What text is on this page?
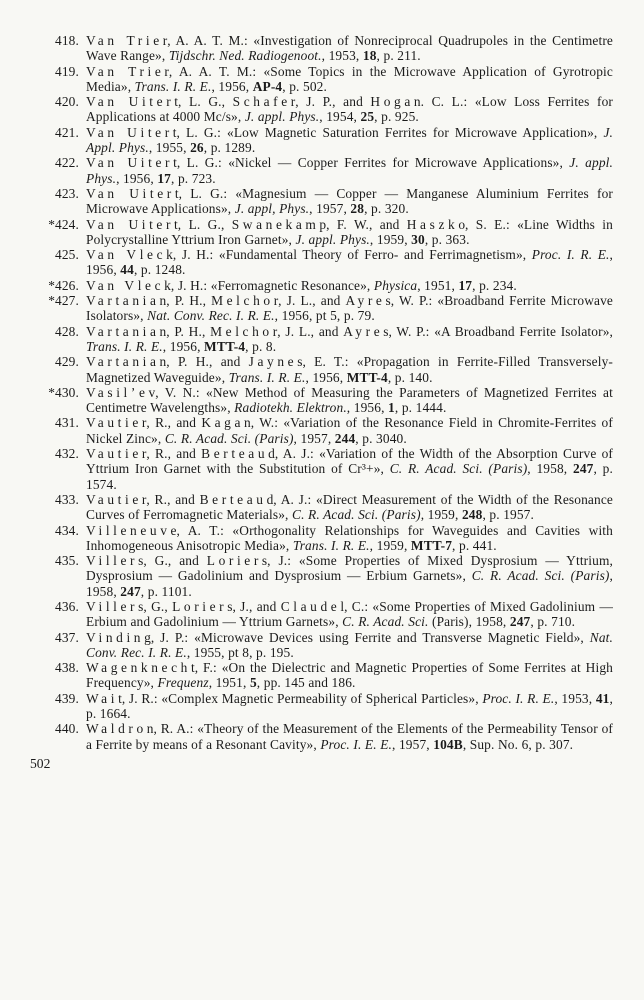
418. Van Trier, A. A. T. M.: «Investigation of Nonreciprocal Quadrupoles in the Centimetre Wave Range», Tijdschr. Ned. Radiogenoot., 1953, 18, p. 211.
419. Van Trier, A. A. T. M.: «Some Topics in the Microwave Application of Gyrotropic Media», Trans. I. R. E., 1956, AP-4, p. 502.
420. Van Uitert, L. G., Schafer, J. P., and Hogan. C. L.: «Low Loss Ferrites for Applications at 4000 Mc/s», J. appl. Phys., 1954, 25, p. 925.
421. Van Uitert, L. G.: «Low Magnetic Saturation Ferrites for Microwave Application», J. Appl. Phys., 1955, 26, p. 1289.
422. Van Uitert, L. G.: «Nickel — Copper Ferrites for Microwave Applications», J. appl. Phys., 1956, 17, p. 723.
423. Van Uitert, L. G.: «Magnesium — Copper — Manganese Aluminium Ferrites for Microwave Applications», J. appl, Phys., 1957, 28, p. 320.
*424. Van Uitert, L. G., Swanekamp, F. W., and Haszko, S. E.: «Line Widths in Polycrystalline Yttrium Iron Garnet», J. appl. Phys., 1959, 30, p. 363.
425. Van Vleck, J. H.: «Fundamental Theory of Ferro- and Ferrimagnetism», Proc. I. R. E., 1956, 44, p. 1248.
*426. Van Vleck, J. H.: «Ferromagnetic Resonance», Physica, 1951, 17, p. 234.
*427. Vartanian, P. H., Melchor, J. L., and Ayres, W. P.: «Broadband Ferrite Microwave Isolators», Nat. Conv. Rec. I. R. E., 1956, pt 5, p. 79.
428. Vartanian, P. H., Melchor, J. L., and Ayres, W. P.: «A Broadband Ferrite Isolator», Trans. I. R. E., 1956, MTT-4, p. 8.
429. Vartanian, P. H., and Jaynes, E. T.: «Propagation in Ferrite-Filled Transversely-Magnetized Waveguide», Trans. I. R. E., 1956, MTT-4, p. 140.
*430. Vasil’ev, V. N.: «New Method of Measuring the Parameters of Magnetized Ferrites at Centimetre Wavelengths», Radiotekh. Elektron., 1956, 1, p. 1444.
431. Vautier, R., and Kagan, W.: «Variation of the Resonance Field in Chromite-Ferrites of Nickel Zinc», C. R. Acad. Sci. (Paris), 1957, 244, p. 3040.
432. Vautier, R., and Berteaud, A. J.: «Variation of the Width of the Absorption Curve of Yttrium Iron Garnet with the Substitution of Cr³+», C. R. Acad. Sci. (Paris), 1958, 247, p. 1574.
433. Vautier, R., and Berteaud, A. J.: «Direct Measurement of the Width of the Resonance Curves of Ferromagnetic Materials», C. R. Acad. Sci. (Paris), 1959, 248, p. 1957.
434. Villeneuve, A. T.: «Orthogonality Relationships for Waveguides and Cavities with Inhomogeneous Anisotropic Media», Trans. I. R. E., 1959, MTT-7, p. 441.
435. Villers, G., and Loriers, J.: «Some Properties of Mixed Dysprosium — Yttrium, Dysprosium — Gadolinium and Dysprosium — Erbium Garnets», C. R. Acad. Sci. (Paris), 1958, 247, p. 1101.
436. Villers, G., Loriers, J., and Claudel, C.: «Some Properties of Mixed Gadolinium — Erbium and Gadolinium — Yttrium Garnets», C. R. Acad. Sci. (Paris), 1958, 247, p. 710.
437. Vinding, J. P.: «Microwave Devices using Ferrite and Transverse Magnetic Field», Nat. Conv. Rec. I. R. E., 1955, pt 8, p. 195.
438. Wagenknecht, F.: «On the Dielectric and Magnetic Properties of Some Ferrites at High Frequency», Frequenz, 1951, 5, pp. 145 and 186.
439. Wait, J. R.: «Complex Magnetic Permeability of Spherical Particles», Proc. I. R. E., 1953, 41, p. 1664.
440. Waldron, R. A.: «Theory of the Measurement of the Elements of the Permeability Tensor of a Ferrite by means of a Resonant Cavity», Proc. I. E. E., 1957, 104B, Sup. No. 6, p. 307.
502
